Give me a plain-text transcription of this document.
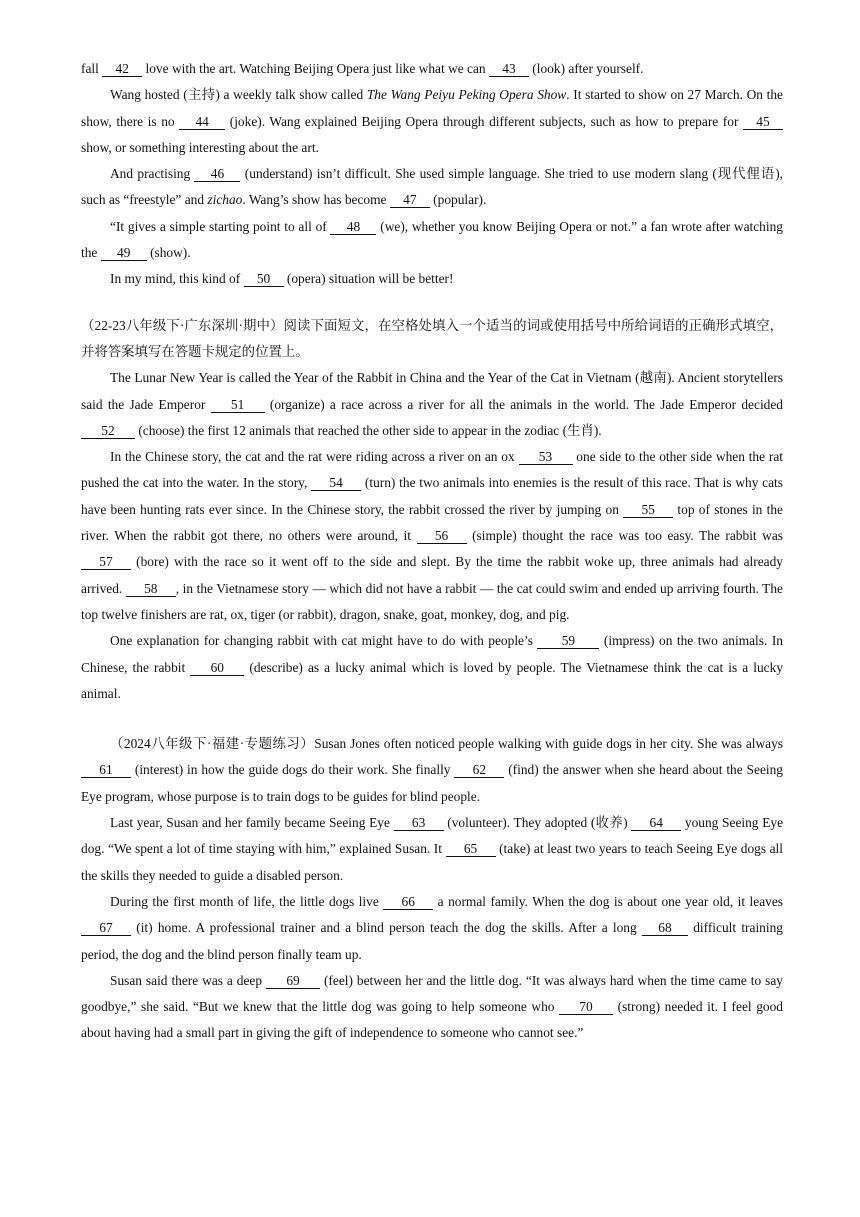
fall 42 love with the art. Watching Beijing Opera just like what we can 43 (look) after yourself.

Wang hosted (主持) a weekly talk show called The Wang Peiyu Peking Opera Show. It started to show on 27 March. On the show, there is no 44 (joke). Wang explained Beijing Opera through different subjects, such as how to prepare for 45 show, or something interesting about the art.

And practising 46 (understand) isn’t difficult. She used simple language. She tried to use modern slang (现代俚语), such as “freestyle” and zichao. Wang’s show has become 47 (popular).

“It gives a simple starting point to all of 48 (we), whether you know Beijing Opera or not.” a fan wrote after watching the 49 (show).

In my mind, this kind of 50 (opera) situation will be better!

（22-23八年级下·广东深圳·期中）阅读下面短文，在空格处填入一个适当的词或使用括号中所给词语的正确形式填空，并将答案填写在答题卡规定的位置上。

The Lunar New Year is called the Year of the Rabbit in China and the Year of the Cat in Vietnam (越南). Ancient storytellers said the Jade Emperor 51 (organize) a race across a river for all the animals in the world. The Jade Emperor decided 52 (choose) the first 12 animals that reached the other side to appear in the zodiac (生肖).

In the Chinese story, the cat and the rat were riding across a river on an ox 53 one side to the other side when the rat pushed the cat into the water. In the story, 54 (turn) the two animals into enemies is the result of this race. That is why cats have been hunting rats ever since. In the Chinese story, the rabbit crossed the river by jumping on 55 top of stones in the river. When the rabbit got there, no others were around, it 56 (simple) thought the race was too easy. The rabbit was 57 (bore) with the race so it went off to the side and slept. By the time the rabbit woke up, three animals had already arrived. 58 , in the Vietnamese story — which did not have a rabbit — the cat could swim and ended up arriving fourth. The top twelve finishers are rat, ox, tiger (or rabbit), dragon, snake, goat, monkey, dog, and pig.

One explanation for changing rabbit with cat might have to do with people’s 59 (impress) on the two animals. In Chinese, the rabbit 60 (describe) as a lucky animal which is loved by people. The Vietnamese think the cat is a lucky animal.

（2024八年级下·福建·专题练习）Susan Jones often noticed people walking with guide dogs in her city. She was always 61 (interest) in how the guide dogs do their work. She finally 62 (find) the answer when she heard about the Seeing Eye program, whose purpose is to train dogs to be guides for blind people.

Last year, Susan and her family became Seeing Eye 63 (volunteer). They adopted (收养) 64 young Seeing Eye dog. “We spent a lot of time staying with him,” explained Susan. It 65 (take) at least two years to teach Seeing Eye dogs all the skills they needed to guide a disabled person.

During the first month of life, the little dogs live 66 a normal family. When the dog is about one year old, it leaves 67 (it) home. A professional trainer and a blind person teach the dog the skills. After a long 68 difficult training period, the dog and the blind person finally team up.

Susan said there was a deep 69 (feel) between her and the little dog. “It was always hard when the time came to say goodbye,” she said. “But we knew that the little dog was going to help someone who 70 (strong) needed it. I feel good about having had a small part in giving the gift of independence to someone who cannot see.”
